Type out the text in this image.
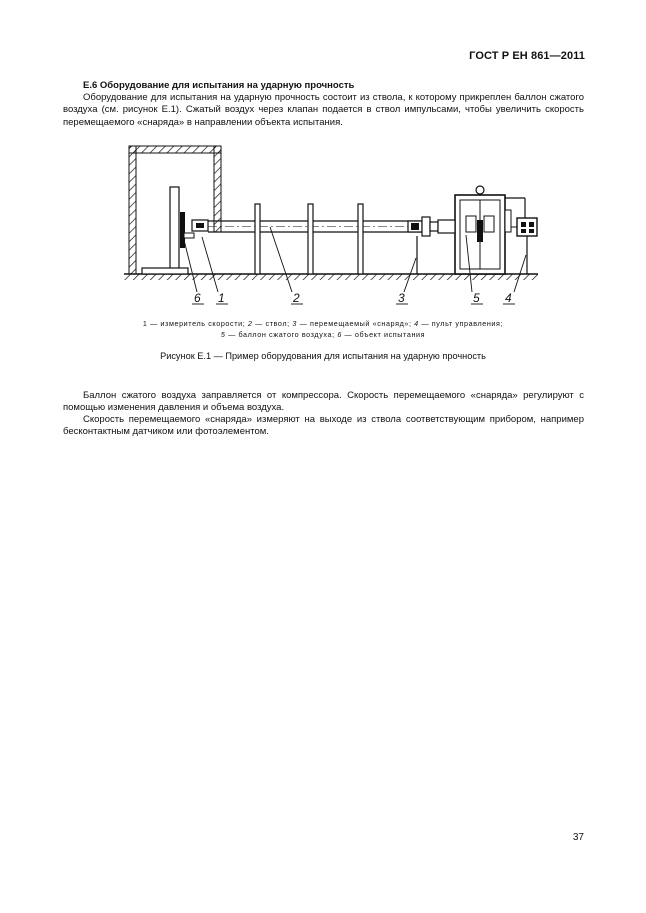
ГОСТ Р ЕН 861—2011
Е.6 Оборудование для испытания на ударную прочность
Оборудование для испытания на ударную прочность состоит из ствола, к которому прикреплен баллон сжатого воздуха (см. рисунок Е.1). Сжатый воздух через клапан подается в ствол импульсами, чтобы увеличить скорость перемещаемого «снаряда» в направлении объекта испытания.
6 1	2	3	5 4
1 — измеритель скорости; 2 — ствол; 3 — перемещаемый «снаряд»; 4 — пульт управления;
5 — баллон сжатого воздуха; 6 — объект испытания
Рисунок Е.1 — Пример оборудования для испытания на ударную прочность
Баллон сжатого воздуха заправляется от компрессора. Скорость перемещаемого «снаряда» регулируют с помощью изменения давления и объема воздуха.
Скорость перемещаемого «снаряда» измеряют на выходе из ствола соответствующим прибором, например бесконтактным датчиком или фотоэлементом.
37
